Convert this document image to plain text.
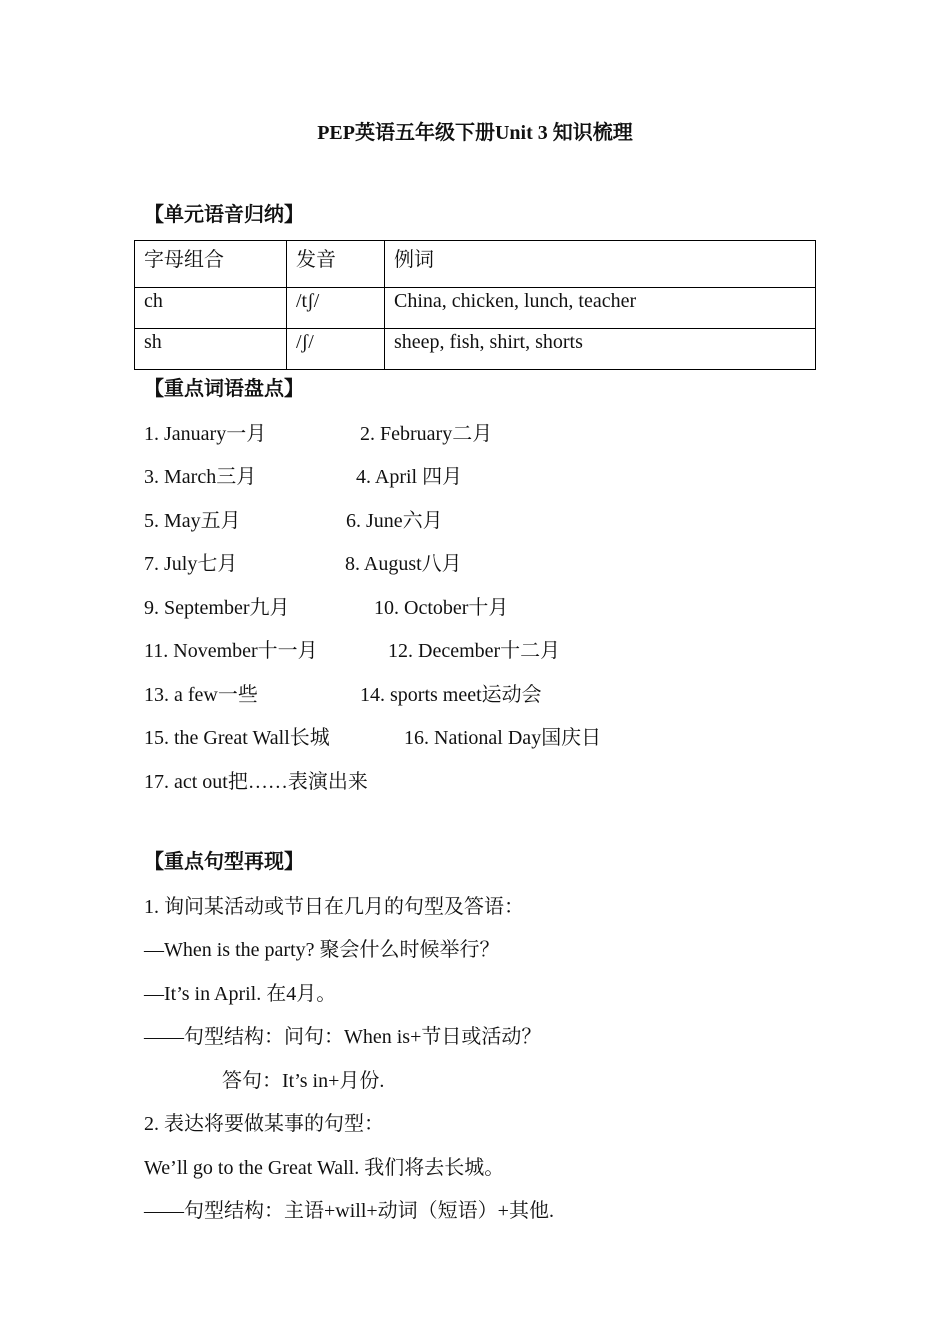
PEP英语五年级下册Unit 3 知识梳理
【单元语音归纳】
字母组合	发音	例词
ch	/tʃ/	China, chicken, lunch, teacher
sh	/ʃ/	sheep, fish, shirt, shorts
【重点词语盘点】
1. January一月	2. February二月
3. March三月	4. April 四月
5. May五月	6. June六月
7. July七月	8. August八月
9. September九月	10. October十月
11. November十一月	12. December十二月
13. a few一些	14. sports meet运动会
15. the Great Wall长城	16. National Day国庆日
17. act out把……表演出来
【重点句型再现】
1. 询问某活动或节日在几月的句型及答语：
—When is the party? 聚会什么时候举行？
—It’s in April. 在4月。
——句型结构：问句：When is+节日或活动？
答句：It’s in+月份.
2. 表达将要做某事的句型：
We’ll go to the Great Wall. 我们将去长城。
——句型结构：主语+will+动词（短语）+其他.
